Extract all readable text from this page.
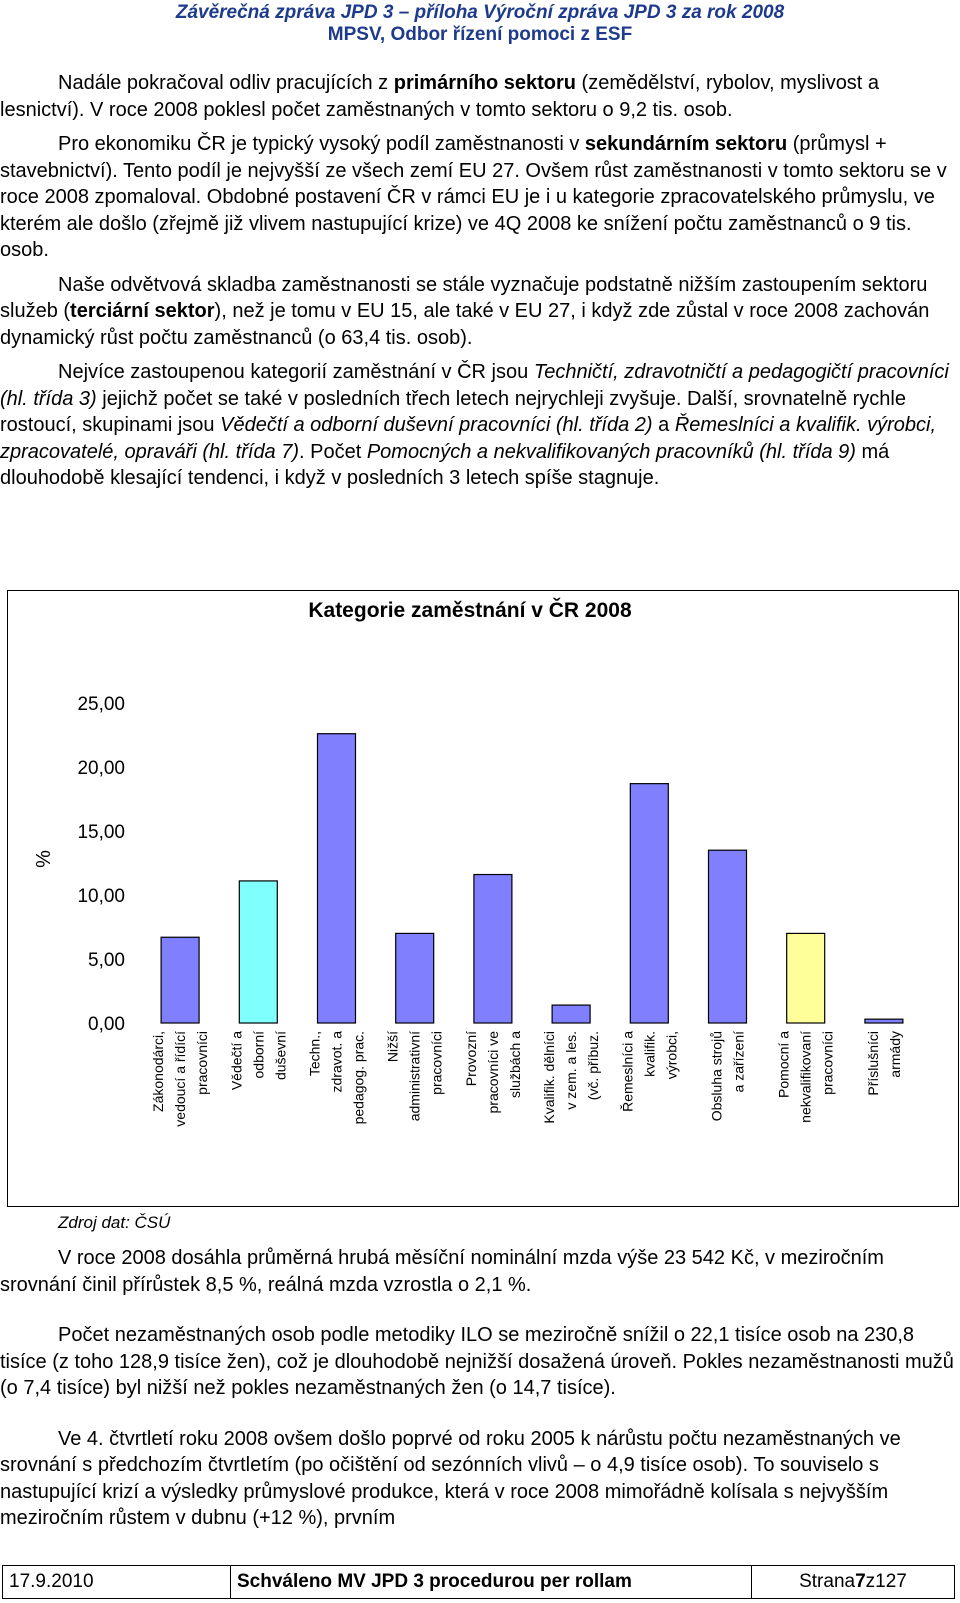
Závěrečná zpráva JPD 3 – příloha Výroční zpráva JPD 3 za rok 2008
MPSV, Odbor řízení pomoci z ESF

Nadále pokračoval odliv pracujících z primárního sektoru (zemědělství, rybolov, myslivost a lesnictví). V roce 2008 poklesl počet zaměstnaných v tomto sektoru o 9,2 tis. osob.

Pro ekonomiku ČR je typický vysoký podíl zaměstnanosti v sekundárním sektoru (průmysl + stavebnictví). Tento podíl je nejvyšší ze všech zemí EU 27. Ovšem růst zaměstnanosti v tomto sektoru se v roce 2008 zpomaloval. Obdobné postavení ČR v rámci EU je i u kategorie zpracovatelského průmyslu, ve kterém ale došlo (zřejmě již vlivem nastupující krize) ve 4Q 2008 ke snížení počtu zaměstnanců o 9 tis. osob.

Naše odvětvová skladba zaměstnanosti se stále vyznačuje podstatně nižším zastoupením sektoru služeb (terciární sektor), než je tomu v EU 15, ale také v EU 27, i když zde zůstal v roce 2008 zachován dynamický růst počtu zaměstnanců (o 63,4 tis. osob).

Nejvíce zastoupenou kategorií zaměstnání v ČR jsou Techničtí, zdravotničtí a pedagogičtí pracovníci (hl. třída 3) jejichž počet se také v posledních třech letech nejrychleji zvyšuje. Další, srovnatelně rychle rostoucí, skupinami jsou Vědečtí a odborní duševní pracovníci (hl. třída 2) a Řemeslníci a kvalifik. výrobci, zpracovatelé, opraváři (hl. třída 7). Počet Pomocných a nekvalifikovaných pracovníků (hl. třída 9) má dlouhodobě klesající tendenci, i když v posledních 3 letech spíše stagnuje.

Kategorie zaměstnání v ČR 2008
%
0,00
5,00
10,00
15,00
20,00
25,00
Zákonodárci, vedoucí a řídící pracovníci Vědečtí a odborní duševní Techn., zdravot. a pedagog. prac. Nižší administrativní pracovníci Provozní pracovníci ve službách a Kvalifik. dělníci v zem. a les. (vč. příbuz. Řemeslníci a kvalifik. výrobci, Obsluha strojů a zařízení Pomocní a nekvalifikovaní pracovníci Příslušníci armády
Zdroj dat: ČSÚ

V roce 2008 dosáhla průměrná hrubá měsíční nominální mzda výše 23 542 Kč, v meziročním srovnání činil přírůstek 8,5 %, reálná mzda vzrostla o 2,1 %.

Počet nezaměstnaných osob podle metodiky ILO se meziročně snížil o 22,1 tisíce osob na 230,8 tisíce (z toho 128,9 tisíce žen), což je dlouhodobě nejnižší dosažená úroveň. Pokles nezaměstnanosti mužů (o 7,4 tisíce) byl nižší než pokles nezaměstnaných žen (o 14,7 tisíce).

Ve 4. čtvrtletí roku 2008 ovšem došlo poprvé od roku 2005 k nárůstu počtu nezaměstnaných ve srovnání s předchozím čtvrtletím (po očištění od sezónních vlivů – o 4,9 tisíce osob). To souviselo s nastupující krizí a výsledky průmyslové produkce, která v roce 2008 mimořádně kolísala s nejvyšším meziročním růstem v dubnu (+12 %), prvním

17.9.2010	Schváleno MV JPD 3 procedurou per rollam	Strana 7 z 127
